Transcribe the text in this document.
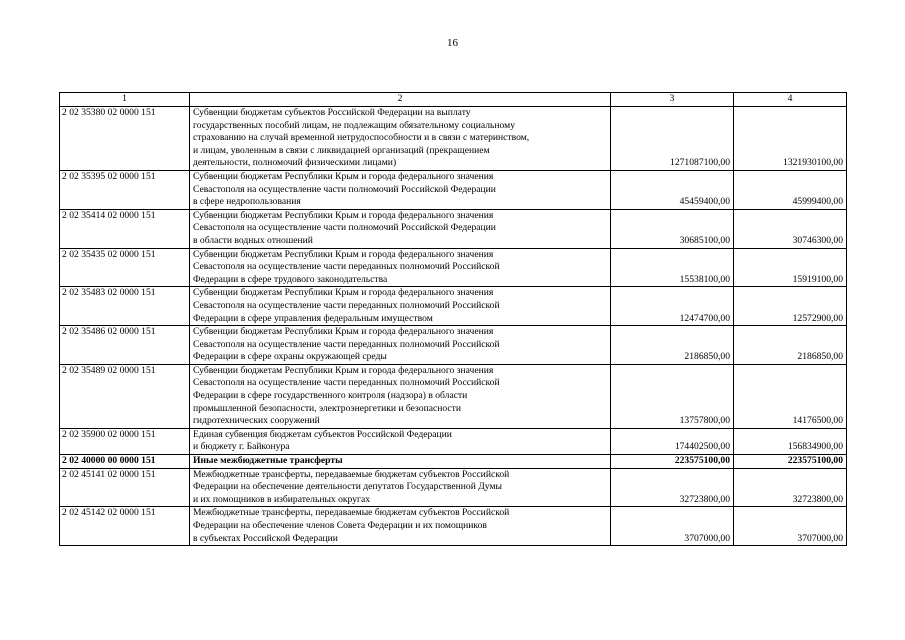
16
1	2	3	4
2 02 35380 02 0000 151	Субвенции бюджетам субъектов Российской Федерации на выплату
государственных пособий лицам, не подлежащим обязательному социальному
страхованию на случай временной нетрудоспособности и в связи с материнством,
и лицам, уволенным в связи с ликвидацией организаций (прекращением
деятельности, полномочий физическими лицами)	1271087100,00	1321930100,00
2 02 35395 02 0000 151	Субвенции бюджетам Республики Крым и города федерального значения
Севастополя на осуществление части полномочий Российской Федерации
в сфере недропользования	45459400,00	45999400,00
2 02 35414 02 0000 151	Субвенции бюджетам Республики Крым и города федерального значения
Севастополя на осуществление части полномочий Российской Федерации
в области водных отношений	30685100,00	30746300,00
2 02 35435 02 0000 151	Субвенции бюджетам Республики Крым и города федерального значения
Севастополя на осуществление части переданных полномочий Российской
Федерации в сфере трудового законодательства	15538100,00	15919100,00
2 02 35483 02 0000 151	Субвенции бюджетам Республики Крым и города федерального значения
Севастополя на осуществление части переданных полномочий Российской
Федерации в сфере управления федеральным имуществом	12474700,00	12572900,00
2 02 35486 02 0000 151	Субвенции бюджетам Республики Крым и города федерального значения
Севастополя на осуществление части переданных полномочий Российской
Федерации в сфере охраны окружающей среды	2186850,00	2186850,00
2 02 35489 02 0000 151	Субвенции бюджетам Республики Крым и города федерального значения
Севастополя на осуществление части переданных полномочий Российской
Федерации в сфере государственного контроля (надзора) в области
промышленной безопасности, электроэнергетики и безопасности
гидротехнических сооружений	13757800,00	14176500,00
2 02 35900 02 0000 151	Единая субвенция бюджетам субъектов Российской Федерации
и бюджету г. Байконура	174402500,00	156834900,00
2 02 40000 00 0000 151	Иные межбюджетные трансферты	223575100,00	223575100,00
2 02 45141 02 0000 151	Межбюджетные трансферты, передаваемые бюджетам субъектов Российской
Федерации на обеспечение деятельности депутатов Государственной Думы
и их помощников в избирательных округах	32723800,00	32723800,00
2 02 45142 02 0000 151	Межбюджетные трансферты, передаваемые бюджетам субъектов Российской
Федерации на обеспечение членов Совета Федерации и их помощников
в субъектах Российской Федерации	3707000,00	3707000,00
